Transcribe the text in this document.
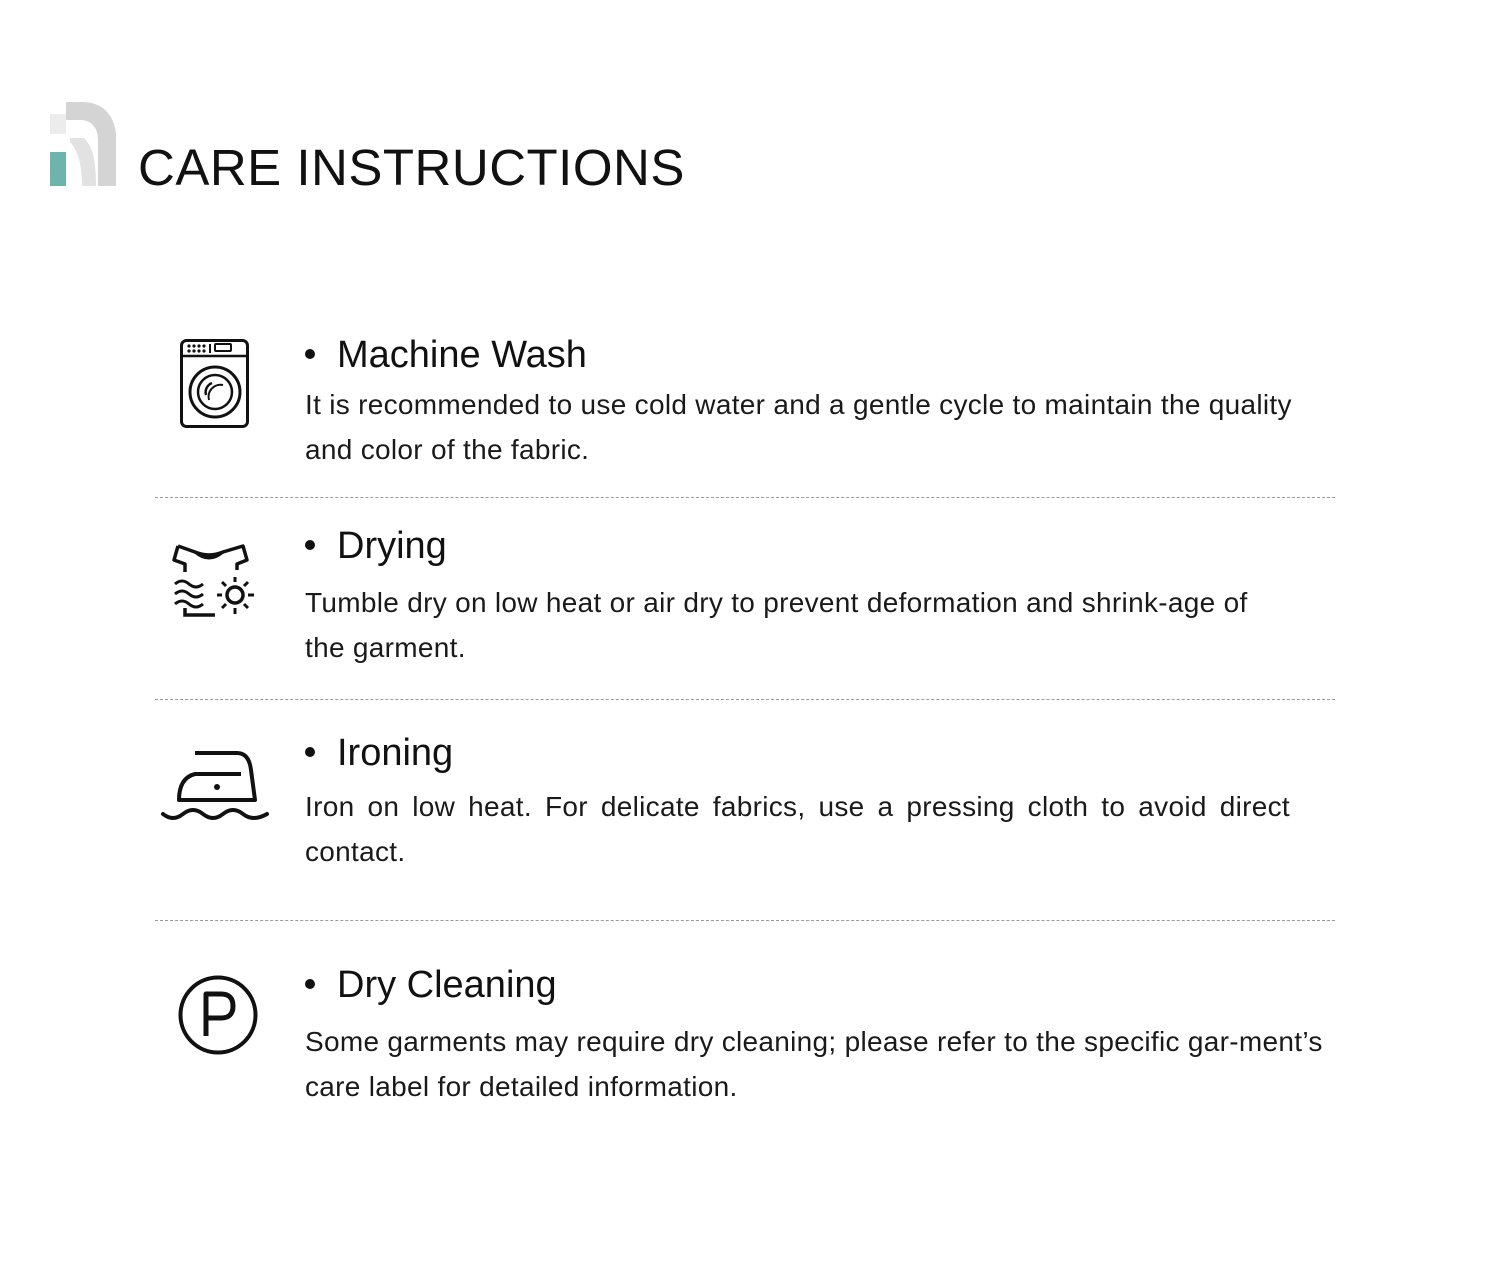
CARE INSTRUCTIONS
Machine Wash

It is recommended to use cold water and a gentle cycle to maintain the quality and color of the fabric.

Drying

Tumble dry on low heat or air dry to prevent deformation and shrink-age of the garment.

Ironing

Iron on low heat. For delicate fabrics, use a pressing cloth to avoid direct contact.

Dry Cleaning

Some garments may require dry cleaning; please refer to the specific gar-ment’s care label for detailed information.
